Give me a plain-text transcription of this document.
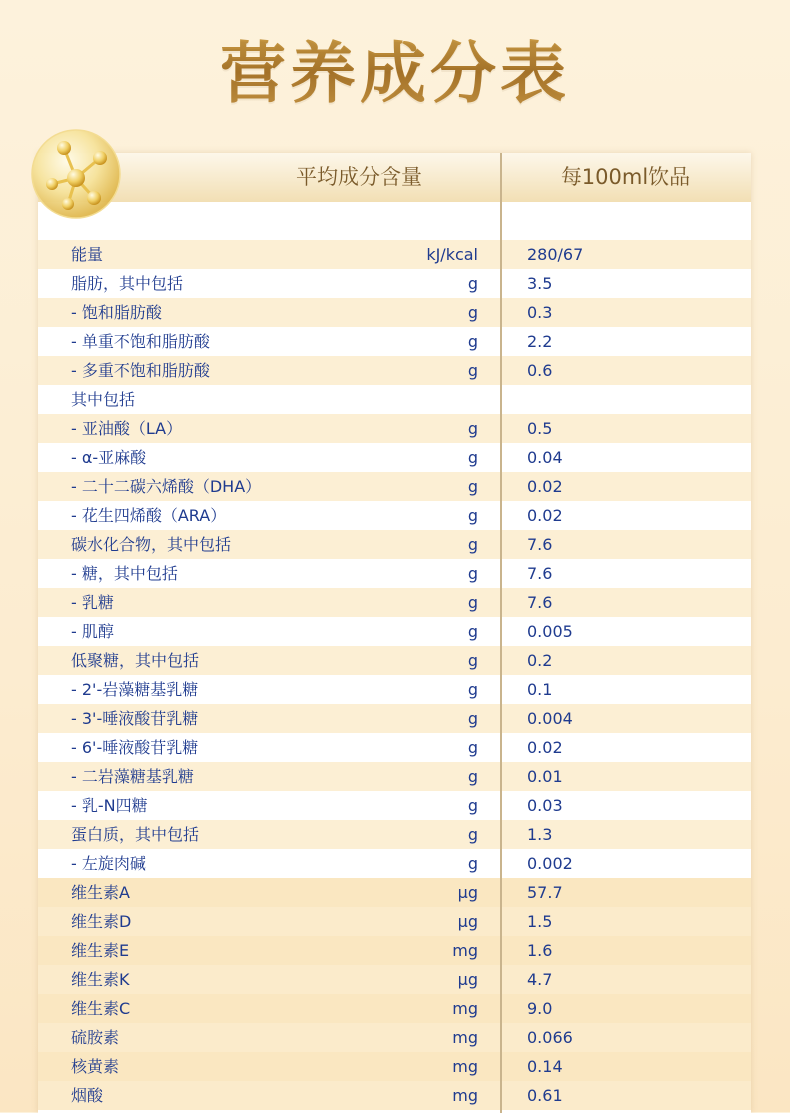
营养成分表
平均成分含量	每100ml饮品
能量	kJ/kcal	280/67
脂肪，其中包括	g	3.5
- 饱和脂肪酸	g	0.3
- 单重不饱和脂肪酸	g	2.2
- 多重不饱和脂肪酸	g	0.6
其中包括
- 亚油酸（LA）	g	0.5
- α-亚麻酸	g	0.04
- 二十二碳六烯酸（DHA）	g	0.02
- 花生四烯酸（ARA）	g	0.02
碳水化合物，其中包括	g	7.6
- 糖，其中包括	g	7.6
- 乳糖	g	7.6
- 肌醇	g	0.005
低聚糖，其中包括	g	0.2
- 2'-岩藻糖基乳糖	g	0.1
- 3'-唾液酸苷乳糖	g	0.004
- 6'-唾液酸苷乳糖	g	0.02
- 二岩藻糖基乳糖	g	0.01
- 乳-N四糖	g	0.03
蛋白质，其中包括	g	1.3
- 左旋肉碱	g	0.002
维生素A	μg	57.7
维生素D	μg	1.5
维生素E	mg	1.6
维生素K	μg	4.7
维生素C	mg	9.0
硫胺素	mg	0.066
核黄素	mg	0.14
烟酸	mg	0.61
